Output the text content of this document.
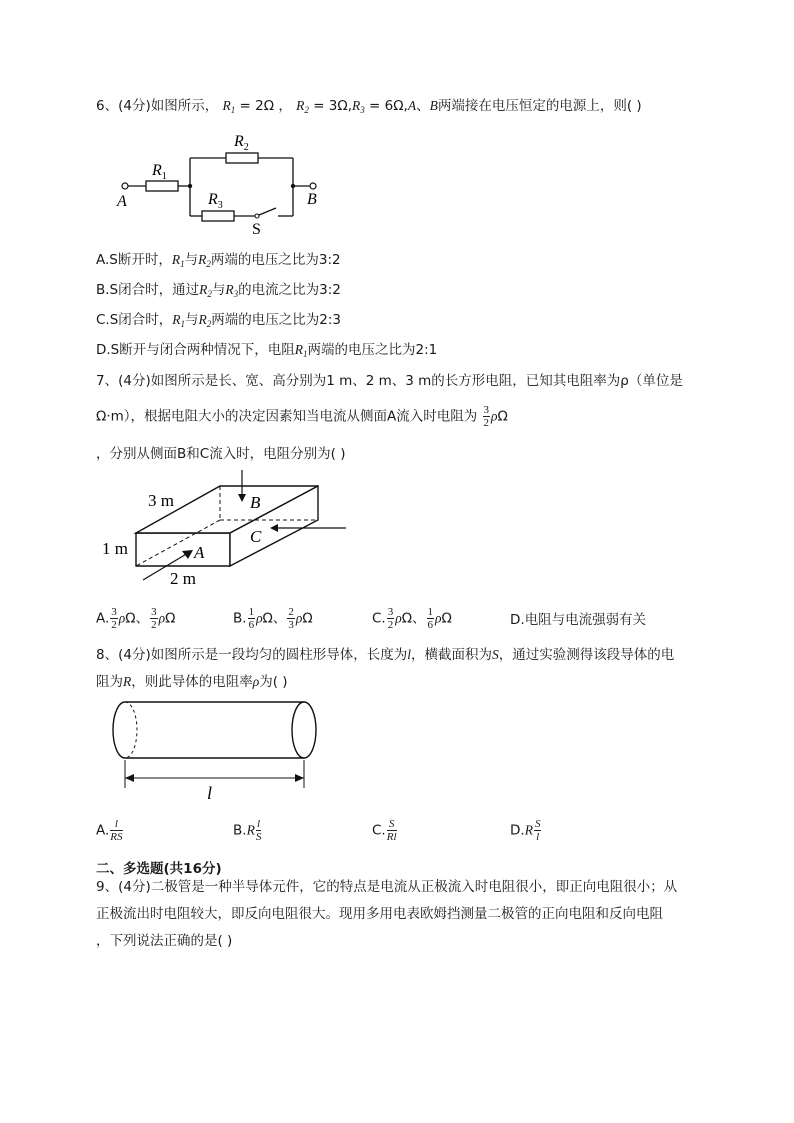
6、(4分)如图所示， $R_1 = 2\Omega$ ， $R_2 = 3\Omega,R_3 = 6\Omega,A$、B两端接在电压恒定的电源上，则( )
$R_1$
$R_2$
$R_3$
A	B
S
A.S断开时，$R_1$与$R_2$两端的电压之比为3:2
B.S闭合时，通过$R_2$与$R_3$的电流之比为3:2
C.S闭合时，$R_1$与$R_2$两端的电压之比为2:3
D.S断开与闭合两种情况下，电阻$R_1$两端的电压之比为2:1
7、(4分)如图所示是长、宽、高分别为1 m、2 m、3 m的长方形电阻，已知其电阻率为ρ（单位是
Ω·m），根据电阻大小的决定因素知当电流从侧面A流入时电阻为 $\frac{3}{2}$ ρΩ
，分别从侧面B和C流入时，电阻分别为( )
3 m
1 m
2 m
A
B
C
A. $\frac{3}{2}$ ρΩ、 $\frac{3}{2}$ ρΩ	B. $\frac{1}{6}$ ρΩ、 $\frac{2}{3}$ ρΩ	C. $\frac{3}{2}$ ρΩ、 $\frac{1}{6}$ ρΩ	D.电阻与电流强弱有关
8、(4分)如图所示是一段均匀的圆柱形导体，长度为l，横截面积为S，通过实验测得该段导体的电
阻为R，则此导体的电阻率ρ为( )
l
A. $\frac{l}{RS}$	$B.R \frac{l}{S}$	C. $\frac{S}{Rl}$	$D.R \frac{S}{l}$
二、多选题(共16分)
9、(4分)二极管是一种半导体元件，它的特点是电流从正极流入时电阻很小，即正向电阻很小；从
正极流出时电阻较大，即反向电阻很大。现用多用电表欧姆挡测量二极管的正向电阻和反向电阻
，下列说法正确的是( )
